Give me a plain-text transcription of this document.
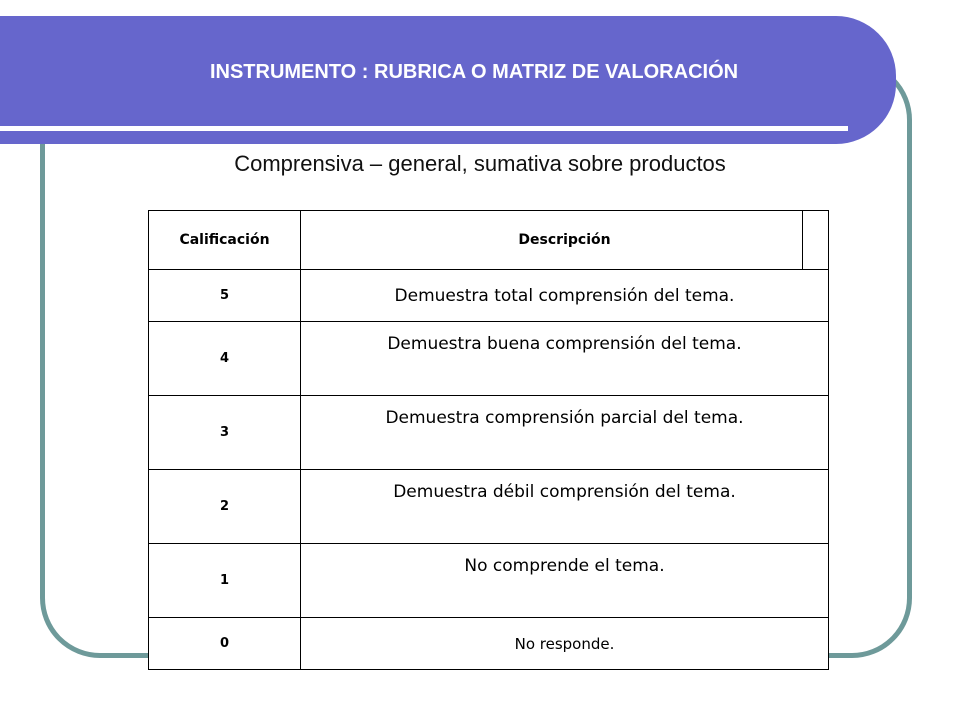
INSTRUMENTO : RUBRICA O MATRIZ DE VALORACIÓN
Comprensiva – general, sumativa sobre productos
Calificación	Descripción

5	Demuestra total comprensión del tema.
4	Demuestra buena comprensión del tema.
3	Demuestra comprensión parcial del tema.
2	Demuestra débil comprensión del tema.
1	No comprende el tema.
0	No responde.
